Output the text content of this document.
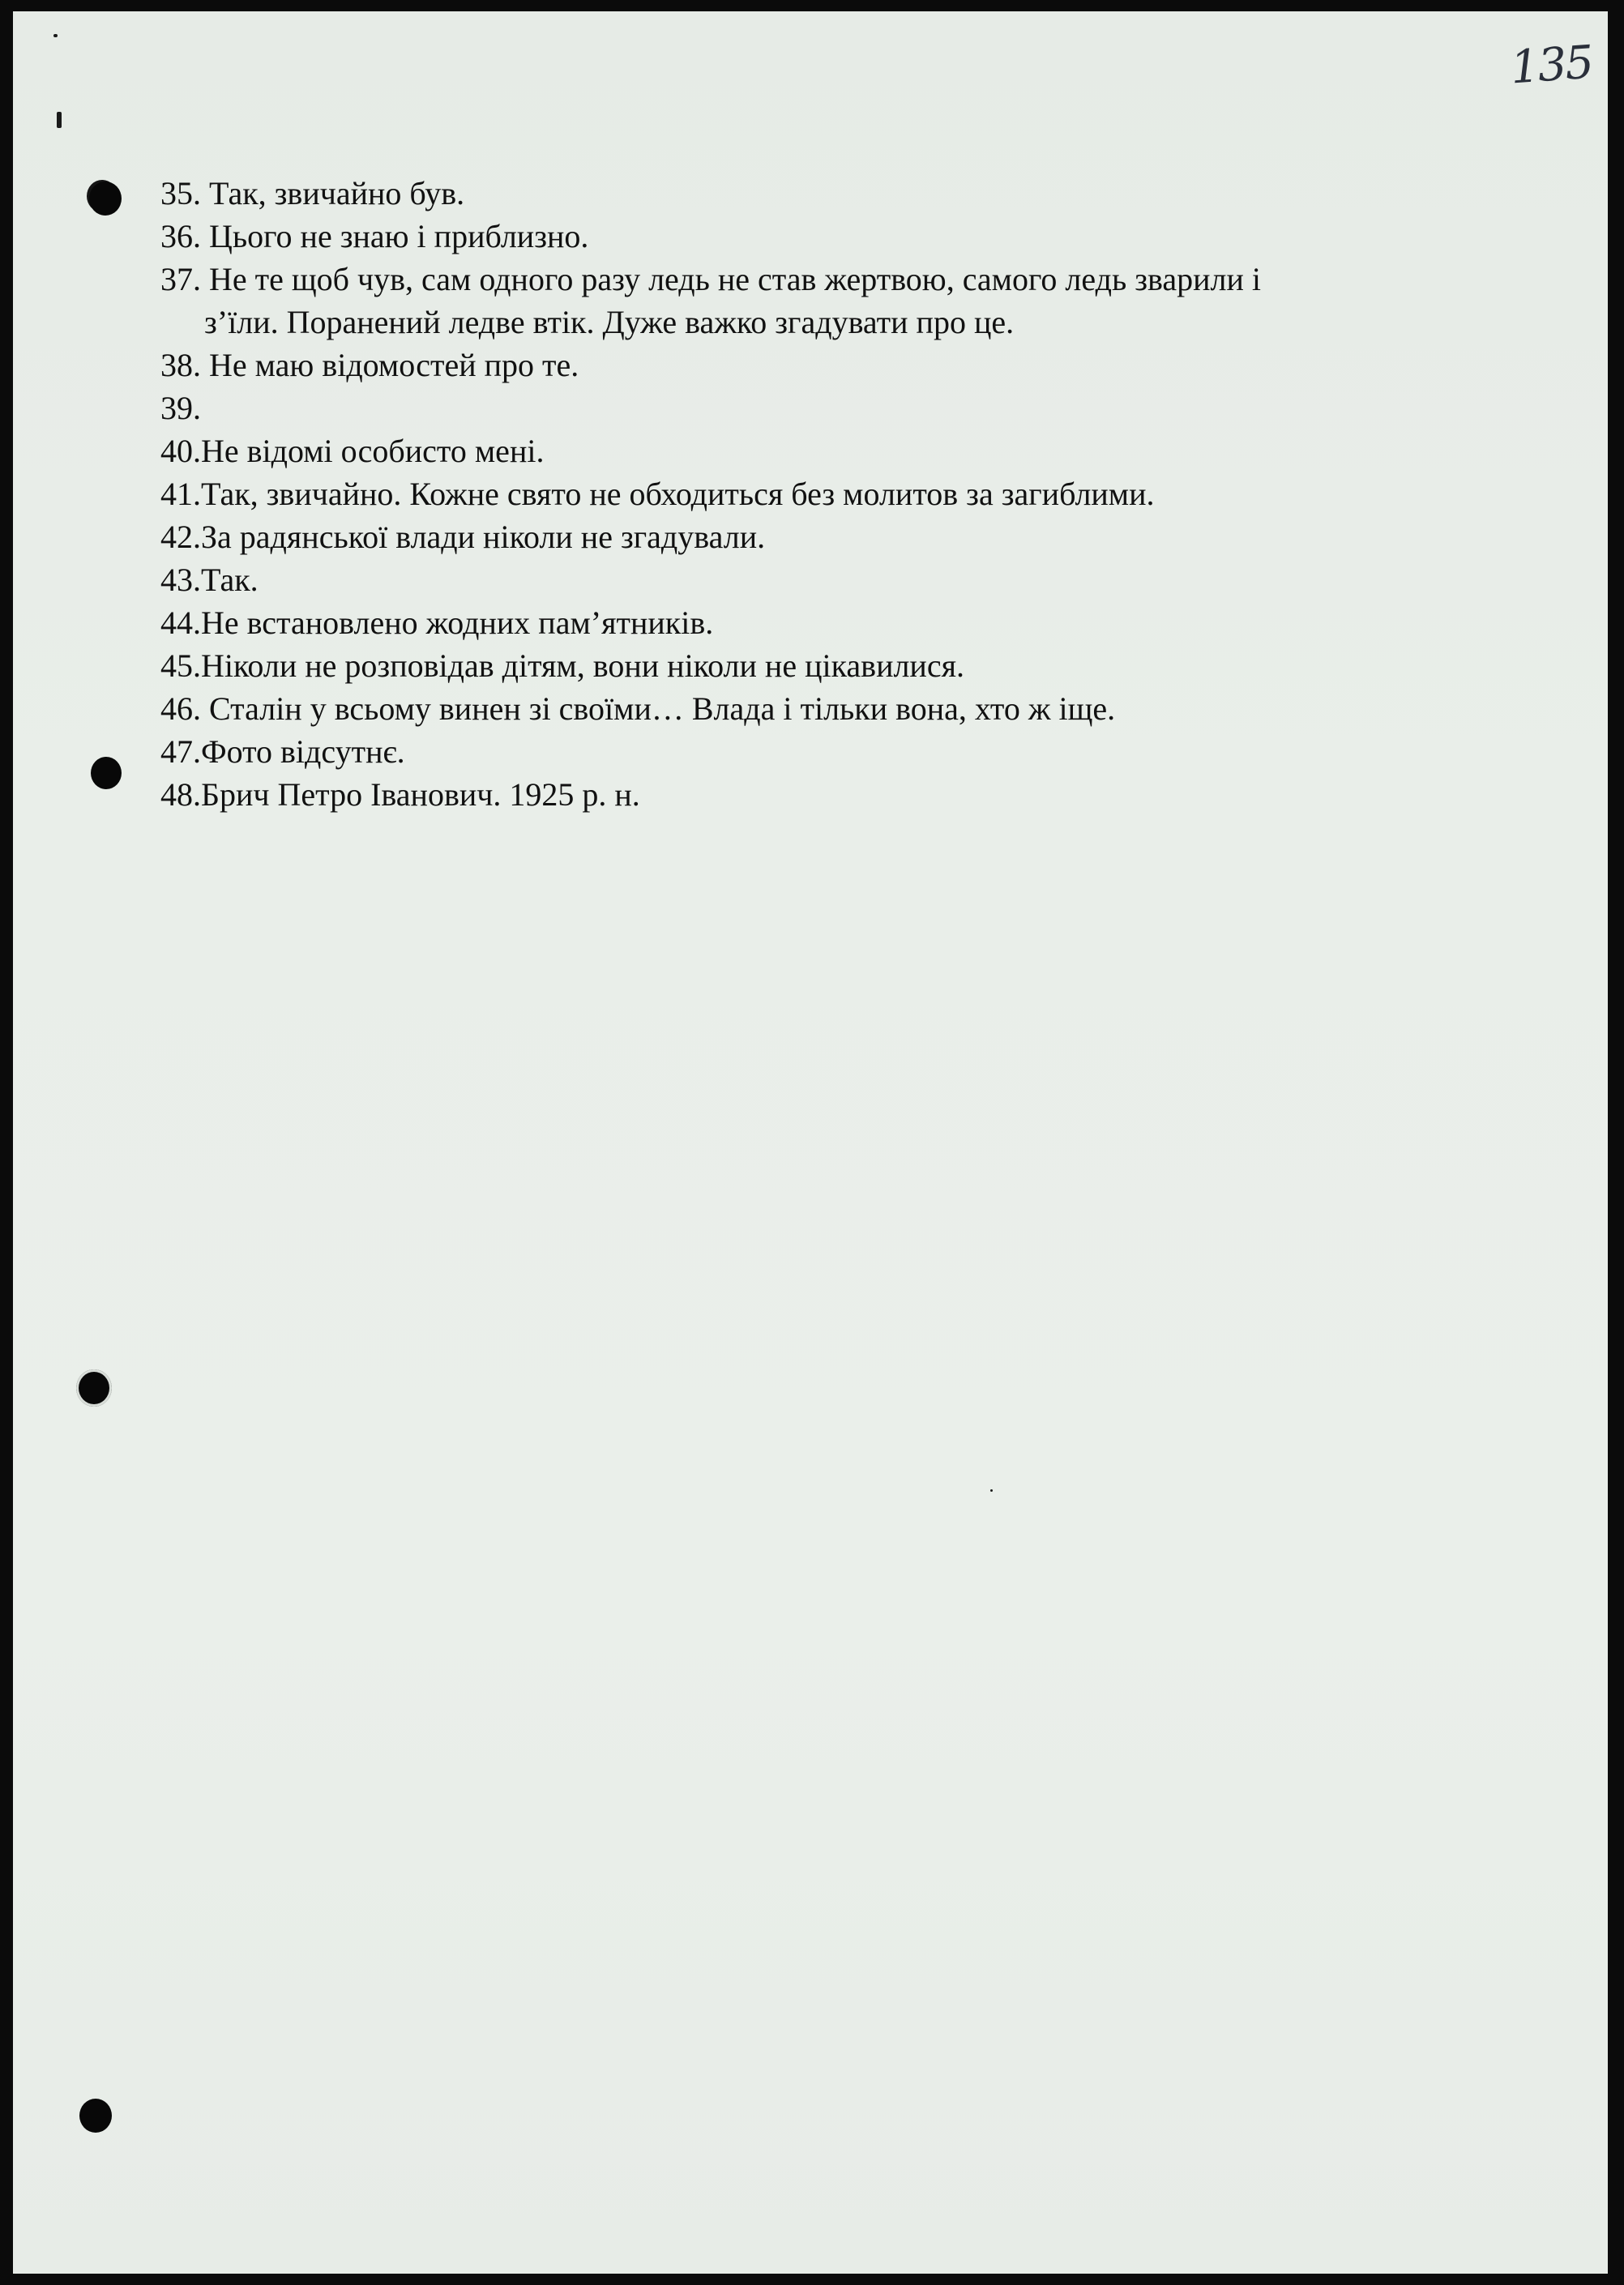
135
35. Так, звичайно був.
36. Цього не знаю і приблизно.
37. Не те щоб чув, сам одного разу ледь не став жертвою, самого ледь зварили і
з’їли. Поранений ледве втік. Дуже важко згадувати про це.
38. Не маю відомостей про те.
39.
40.Не відомі особисто мені.
41.Так, звичайно. Кожне свято не обходиться без молитов за загиблими.
42.За радянської влади ніколи не згадували.
43.Так.
44.Не встановлено жодних пам’ятників.
45.Ніколи не розповідав дітям, вони ніколи не цікавилися.
46. Сталін у всьому винен зі своїми… Влада і тільки вона, хто ж іще.
47.Фото відсутнє.
48.Брич Петро Іванович. 1925 р. н.
